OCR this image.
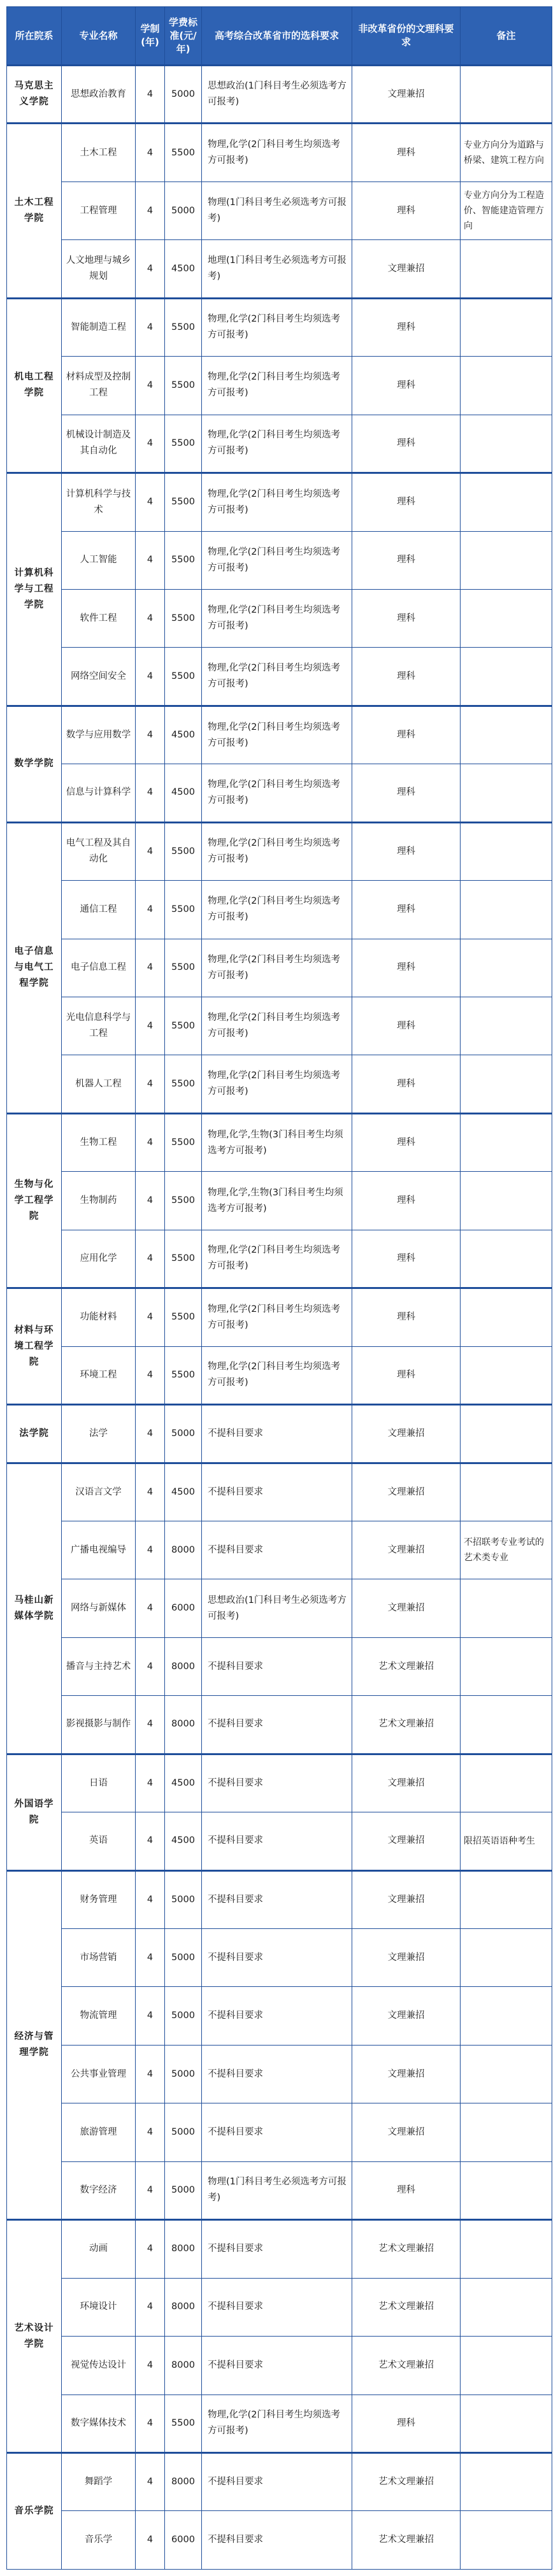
所在院系	专业名称	学制(年)	学费标准(元/年)	高考综合改革省市的选科要求	非改革省份的文理科要求	备注
马克思主义学院	思想政治教育	4	5000	思想政治(1门科目考生必须选考方可报考)	文理兼招	
土木工程学院	土木工程	4	5500	物理,化学(2门科目考生均须选考方可报考)	理科	专业方向分为道路与桥梁、建筑工程方向
	工程管理	4	5000	物理(1门科目考生必须选考方可报考)	理科	专业方向分为工程造价、智能建造管理方向
	人文地理与城乡规划	4	4500	地理(1门科目考生必须选考方可报考)	文理兼招	
机电工程学院	智能制造工程	4	5500	物理,化学(2门科目考生均须选考方可报考)	理科	
	材料成型及控制工程	4	5500	物理,化学(2门科目考生均须选考方可报考)	理科	
	机械设计制造及其自动化	4	5500	物理,化学(2门科目考生均须选考方可报考)	理科	
计算机科学与工程学院	计算机科学与技术	4	5500	物理,化学(2门科目考生均须选考方可报考)	理科	
	人工智能	4	5500	物理,化学(2门科目考生均须选考方可报考)	理科	
	软件工程	4	5500	物理,化学(2门科目考生均须选考方可报考)	理科	
	网络空间安全	4	5500	物理,化学(2门科目考生均须选考方可报考)	理科	
数学学院	数学与应用数学	4	4500	物理,化学(2门科目考生均须选考方可报考)	理科	
	信息与计算科学	4	4500	物理,化学(2门科目考生均须选考方可报考)	理科	
电子信息与电气工程学院	电气工程及其自动化	4	5500	物理,化学(2门科目考生均须选考方可报考)	理科	
	通信工程	4	5500	物理,化学(2门科目考生均须选考方可报考)	理科	
	电子信息工程	4	5500	物理,化学(2门科目考生均须选考方可报考)	理科	
	光电信息科学与工程	4	5500	物理,化学(2门科目考生均须选考方可报考)	理科	
	机器人工程	4	5500	物理,化学(2门科目考生均须选考方可报考)	理科	
生物与化学工程学院	生物工程	4	5500	物理,化学,生物(3门科目考生均须选考方可报考)	理科	
	生物制药	4	5500	物理,化学,生物(3门科目考生均须选考方可报考)	理科	
	应用化学	4	5500	物理,化学(2门科目考生均须选考方可报考)	理科	
材料与环境工程学院	功能材料	4	5500	物理,化学(2门科目考生均须选考方可报考)	理科	
	环境工程	4	5500	物理,化学(2门科目考生均须选考方可报考)	理科	
法学院	法学	4	5000	不提科目要求	文理兼招	
马桂山新媒体学院	汉语言文学	4	4500	不提科目要求	文理兼招	
	广播电视编导	4	8000	不提科目要求	文理兼招	不招联考专业考试的艺术类专业
	网络与新媒体	4	6000	思想政治(1门科目考生必须选考方可报考)	文理兼招	
	播音与主持艺术	4	8000	不提科目要求	艺术文理兼招	
	影视摄影与制作	4	8000	不提科目要求	艺术文理兼招	
外国语学院	日语	4	4500	不提科目要求	文理兼招	
	英语	4	4500	不提科目要求	文理兼招	限招英语语种考生
经济与管理学院	财务管理	4	5000	不提科目要求	文理兼招	
	市场营销	4	5000	不提科目要求	文理兼招	
	物流管理	4	5000	不提科目要求	文理兼招	
	公共事业管理	4	5000	不提科目要求	文理兼招	
	旅游管理	4	5000	不提科目要求	文理兼招	
	数字经济	4	5000	物理(1门科目考生必须选考方可报考)	理科	
艺术设计学院	动画	4	8000	不提科目要求	艺术文理兼招	
	环境设计	4	8000	不提科目要求	艺术文理兼招	
	视觉传达设计	4	8000	不提科目要求	艺术文理兼招	
	数字媒体技术	4	5500	物理,化学(2门科目考生均须选考方可报考)	理科	
音乐学院	舞蹈学	4	8000	不提科目要求	艺术文理兼招	
	音乐学	4	6000	不提科目要求	艺术文理兼招	
